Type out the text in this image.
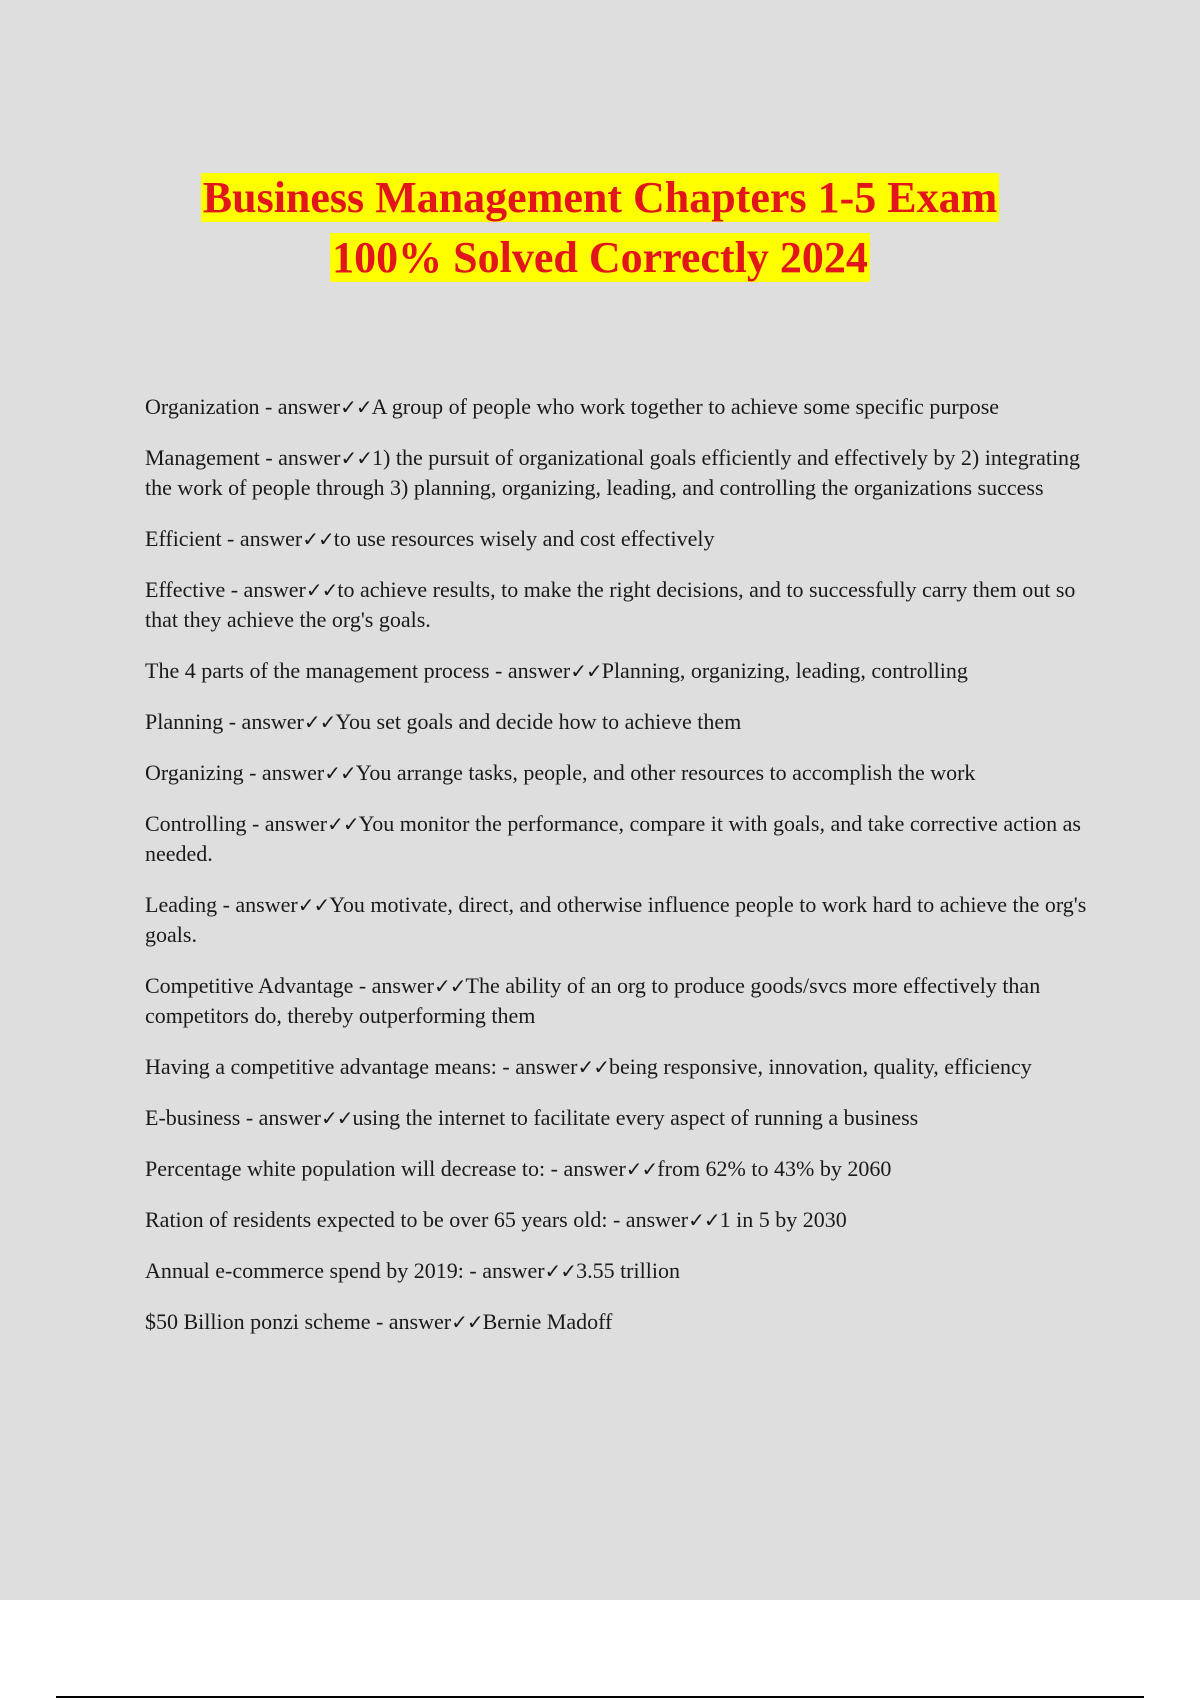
Business Management Chapters 1-5 Exam
100% Solved Correctly 2024
Organization - answer✓✓A group of people who work together to achieve some specific purpose
Management - answer✓✓1) the pursuit of organizational goals efficiently and effectively by 2) integrating the work of people through 3) planning, organizing, leading, and controlling the organizations success
Efficient - answer✓✓to use resources wisely and cost effectively
Effective - answer✓✓to achieve results, to make the right decisions, and to successfully carry them out so that they achieve the org's goals.
The 4 parts of the management process - answer✓✓Planning, organizing, leading, controlling
Planning - answer✓✓You set goals and decide how to achieve them
Organizing - answer✓✓You arrange tasks, people, and other resources to accomplish the work
Controlling - answer✓✓You monitor the performance, compare it with goals, and take corrective action as needed.
Leading - answer✓✓You motivate, direct, and otherwise influence people to work hard to achieve the org's goals.
Competitive Advantage - answer✓✓The ability of an org to produce goods/svcs more effectively than competitors do, thereby outperforming them
Having a competitive advantage means: - answer✓✓being responsive, innovation, quality, efficiency
E-business - answer✓✓using the internet to facilitate every aspect of running a business
Percentage white population will decrease to: - answer✓✓from 62% to 43% by 2060
Ration of residents expected to be over 65 years old: - answer✓✓1 in 5 by 2030
Annual e-commerce spend by 2019: - answer✓✓3.55 trillion
$50 Billion ponzi scheme - answer✓✓Bernie Madoff
